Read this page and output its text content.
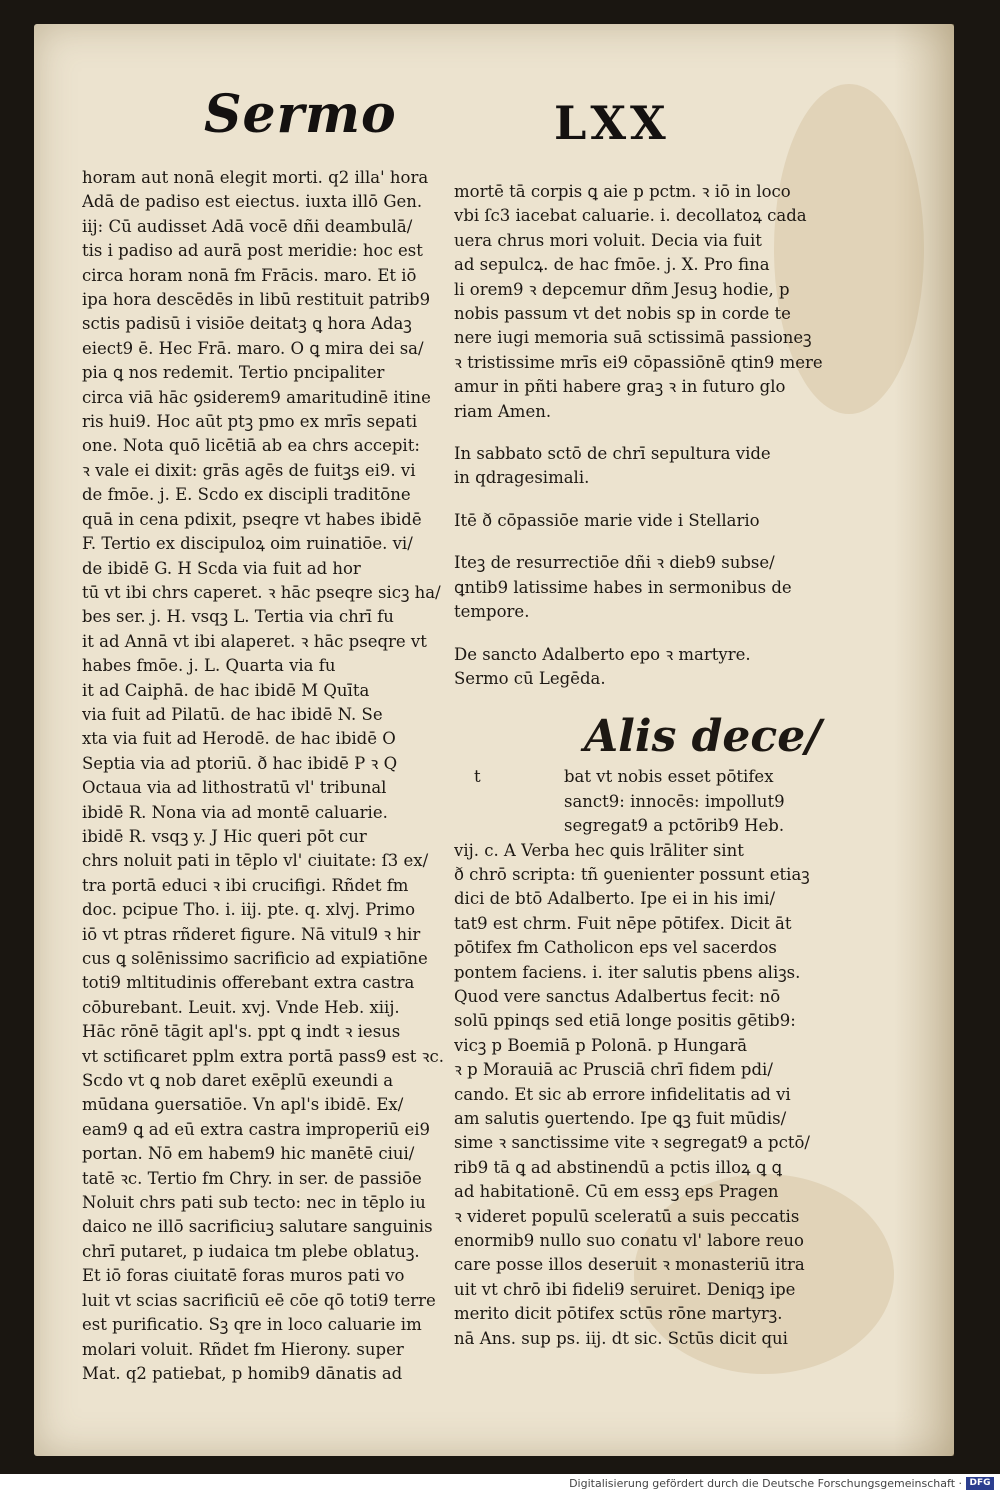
Sermo	LXX
horam aut nonā elegit morti. q2 illa' hora
Adā de padiso est eiectus. iuxta illō Gen.
iij: Cū audisset Adā vocē dñi deambulā/
tis i padiso ad aurā post meridie: hoc est
circa horam nonā fm Frācis. maro. Et iō
ipa hora descēdēs in libū restituit patrib9
sctis padisū i visiōe deitatꝫ ꝗ hora Adaꝫ
eiect9 ē. Hec Frā. maro. O ꝗ mira dei sa/
pia ꝗ nos redemit. Tertio pncipaliter
circa viā hāc ꝯsiderem9 amaritudinē itine
ris hui9. Hoc aūt ptꝫ pmo ex mrīs sepati
one. Nota quō licētiā ab ea chrs accepit:
ꝛ vale ei dixit: grās agēs de fuitꝫs ei9. vi
de fmōe. j. E. Scdo ex discipli traditōne
quā in cena pdixit, pseqre vt habes ibidē
F. Tertio ex discipuloꝝ oim ruinatiōe. vi/
de ibidē G. H Scda via fuit ad hor
tū vt ibi chrs caperet. ꝛ hāc pseqre sicꝫ ha/
bes ser. j. H. vsqꝫ L. Tertia via chrī fu
it ad Annā vt ibi alaperet. ꝛ hāc pseqre vt
habes fmōe. j. L. Quarta via fu
it ad Caiphā. de hac ibidē M Quīta
via fuit ad Pilatū. de hac ibidē N. Se
xta via fuit ad Herodē. de hac ibidē O
Septia via ad ptoriū. ð hac ibidē P ꝛ Q
Octaua via ad lithostratū vl' tribunal
ibidē R. Nona via ad montē caluarie.
ibidē R. vsqꝫ y. J Hic queri pōt cur
chrs noluit pati in tēplo vl' ciuitate: ſ3 ex/
tra portā educi ꝛ ibi crucifigi. Rñdet fm
doc. pcipue Tho. i. iij. pte. q. xlvj. Primo
iō vt ptras rñderet figure. Nā vitul9 ꝛ hir
cus ꝗ solēnissimo sacrificio ad expiatiōne
toti9 mltitudinis offerebant extra castra
cōburebant. Leuit. xvj. Vnde Heb. xiij.
Hāc rōnē tāgit apl's. ppt ꝗ indt ꝛ iesus
vt sctificaret pplm extra portā pass9 est ꝛc.
Scdo vt ꝗ nob daret exēplū exeundi a
mūdana ꝯuersatiōe. Vn apl's ibidē. Ex/
eam9 ꝗ ad eū extra castra improperiū ei9
portan. Nō em habem9 hic manētē ciui/
tatē ꝛc. Tertio fm Chry. in ser. de passiōe
Noluit chrs pati sub tecto: nec in tēplo iu
daico ne illō sacrificiuꝫ salutare sanguinis
chrī putaret, p iudaica tm plebe oblatuꝫ.
Et iō foras ciuitatē foras muros pati vo
luit vt scias sacrificiū eē cōe qō toti9 terre
est purificatio. Sꝫ qre in loco caluarie im
molari voluit. Rñdet fm Hierony. super
Mat. q2 patiebat, p homib9 dānatis ad
mortē tā corpis ꝗ aie p pctm. ꝛ iō in loco
vbi ſc3 iacebat caluarie. i. decollatoꝝ cada
uera chrus mori voluit. Decia via fuit
ad sepulcꝝ. de hac fmōe. j. X. Pro fina
li orem9 ꝛ depcemur dñm Jesuꝫ hodie, p
nobis passum vt det nobis sp in corde te
nere iugi memoria suā sctissimā passioneꝫ
ꝛ tristissime mrīs ei9 cōpassiōnē qtin9 mere
amur in pñti habere graꝫ ꝛ in futuro glo
riam Amen.
In sabbato sctō de chrī sepultura vide
in qdragesimali.
Itē ð cōpassiōe marie vide i Stellario
Iteꝫ de resurrectiōe dñi ꝛ dieb9 subse/
ꝗntib9 latissime habes in sermonibus de
tempore.
De sancto Adalberto epo ꝛ martyre.
Sermo cū Legēda.
Alis dece/
t	bat vt nobis esset pōtifex
sanct9: innocēs: impollut9
segregat9 a pctōrib9 Heb.
vij. c. A Verba hec ꝗuis lrāliter sint
ð chrō scripta: tñ ꝯuenienter possunt etiaꝫ
dici de btō Adalberto. Ipe ei in his imi/
tat9 est chrm. Fuit nēpe pōtifex. Dicit āt
pōtifex fm Catholicon eps vel sacerdos
pontem faciens. i. iter salutis pbens aliꝫs.
Quod vere sanctus Adalbertus fecit: nō
solū ppinqs sed etiā longe positis gētib9:
vicꝫ p Boemiā p Polonā. p Hungarā
ꝛ p Morauiā ac Prusciā chrī fidem pdi/
cando. Et sic ab errore infidelitatis ad vi
am salutis ꝯuertendo. Ipe ꝗꝫ fuit mūdis/
sime ꝛ sanctissime vite ꝛ segregat9 a pctō/
rib9 tā ꝗ ad abstinendū a pctis illoꝝ ꝗ ꝗ
ad habitationē. Cū em essꝫ eps Pragen
ꝛ videret populū sceleratū a suis peccatis
enormib9 nullo suo conatu vl' labore reuo
care posse illos deseruit ꝛ monasteriū itra
uit vt chrō ibi fideli9 seruiret. Deniqꝫ ipe
merito dicit pōtifex sctūs rōne martyrꝫ.
nā Ans. sup ps. iij. dt sic. Sctūs dicit qui
Digitalisierung gefördert durch die Deutsche Forschungsgemeinschaft · DFG
